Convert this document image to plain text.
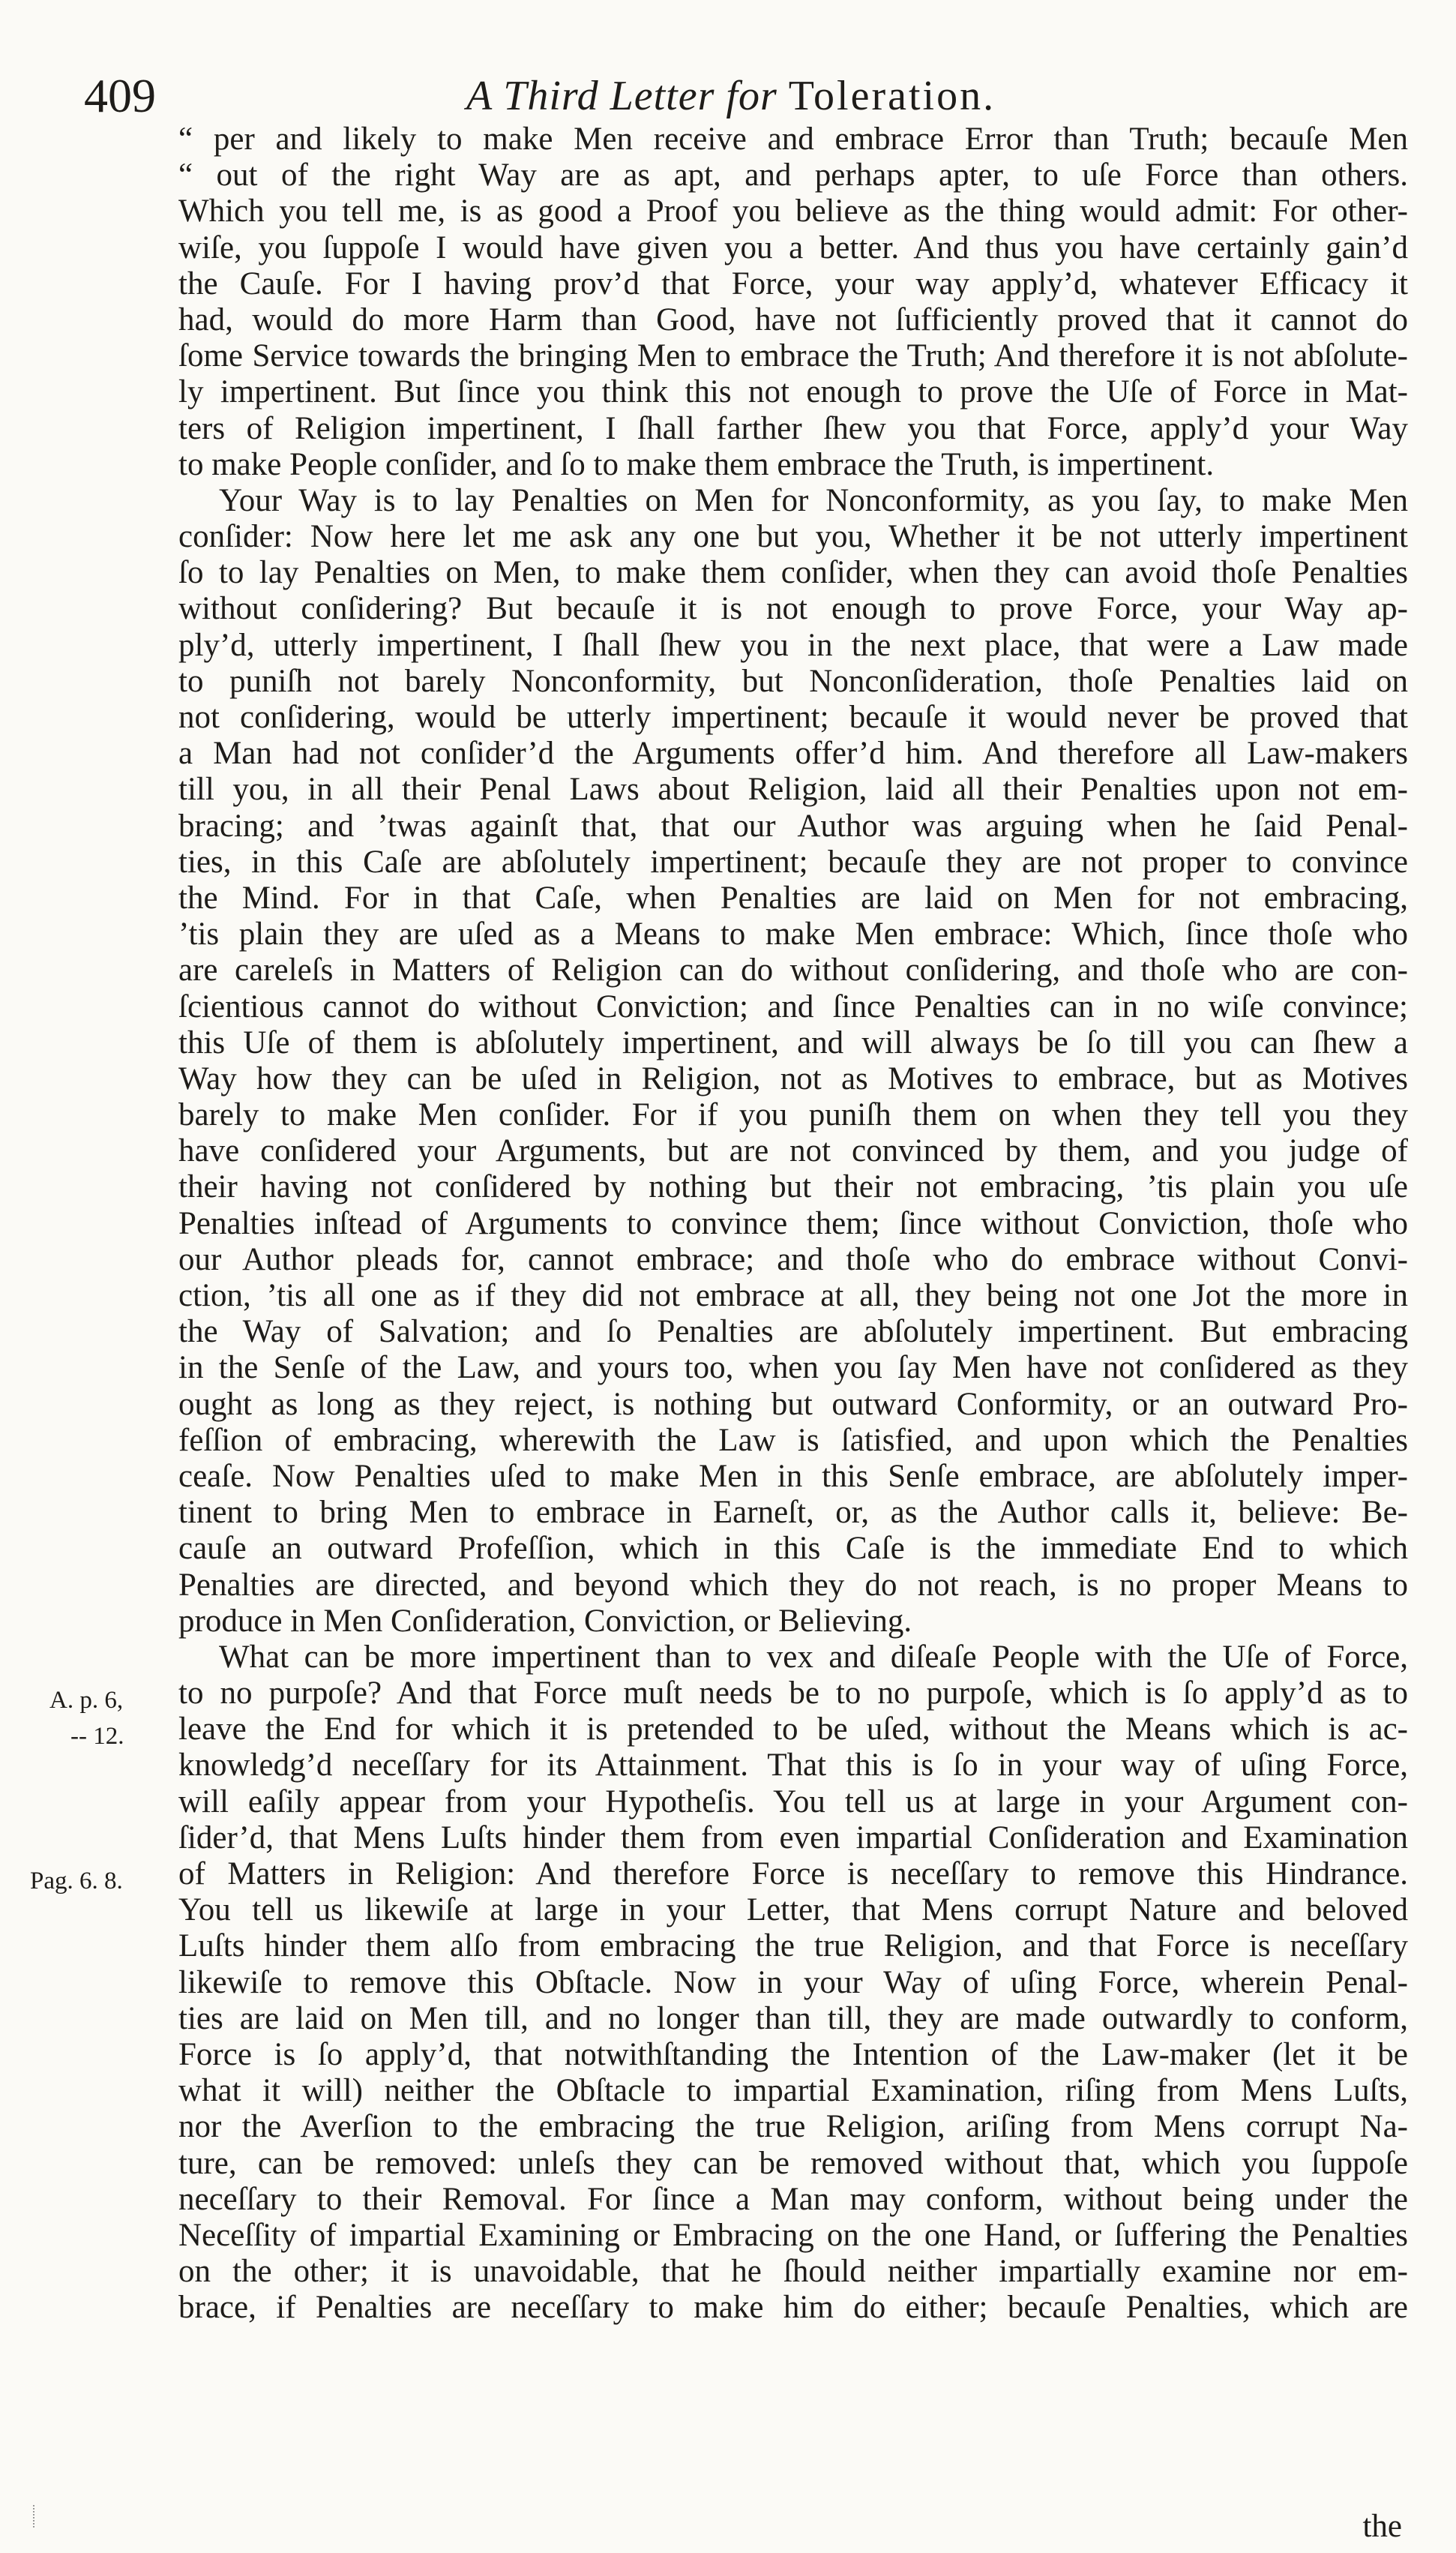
409	A Third Letter for Toleration.
A. p. 6,
-- 12.
Pag. 6. 8.
“ per and likely to make Men receive and embrace Error than Truth; becauſe Men
“ out of the right Way are as apt, and perhaps apter, to uſe Force than others.
Which you tell me, is as good a Proof you believe as the thing would admit: For other-
wiſe, you ſuppoſe I would have given you a better. And thus you have certainly gain’d
the Cauſe. For I having prov’d that Force, your way apply’d, whatever Efficacy it
had, would do more Harm than Good, have not ſufficiently proved that it cannot do
ſome Service towards the bringing Men to embrace the Truth; And therefore it is not abſolute-
ly impertinent. But ſince you think this not enough to prove the Uſe of Force in Mat-
ters of Religion impertinent, I ſhall farther ſhew you that Force, apply’d your Way
to make People conſider, and ſo to make them embrace the Truth, is impertinent.
Your Way is to lay Penalties on Men for Nonconformity, as you ſay, to make Men
conſider: Now here let me ask any one but you, Whether it be not utterly impertinent
ſo to lay Penalties on Men, to make them conſider, when they can avoid thoſe Penalties
without conſidering? But becauſe it is not enough to prove Force, your Way ap-
ply’d, utterly impertinent, I ſhall ſhew you in the next place, that were a Law made
to puniſh not barely Nonconformity, but Nonconſideration, thoſe Penalties laid on
not conſidering, would be utterly impertinent; becauſe it would never be proved that
a Man had not conſider’d the Arguments offer’d him. And therefore all Law-makers
till you, in all their Penal Laws about Religion, laid all their Penalties upon not em-
bracing; and ’twas againſt that, that our Author was arguing when he ſaid Penal-
ties, in this Caſe are abſolutely impertinent; becauſe they are not proper to convince
the Mind. For in that Caſe, when Penalties are laid on Men for not embracing,
’tis plain they are uſed as a Means to make Men embrace: Which, ſince thoſe who
are careleſs in Matters of Religion can do without conſidering, and thoſe who are con-
ſcientious cannot do without Conviction; and ſince Penalties can in no wiſe convince;
this Uſe of them is abſolutely impertinent, and will always be ſo till you can ſhew a
Way how they can be uſed in Religion, not as Motives to embrace, but as Motives
barely to make Men conſider. For if you puniſh them on when they tell you they
have conſidered your Arguments, but are not convinced by them, and you judge of
their having not conſidered by nothing but their not embracing, ’tis plain you uſe
Penalties inſtead of Arguments to convince them; ſince without Conviction, thoſe who
our Author pleads for, cannot embrace; and thoſe who do embrace without Convi-
ction, ’tis all one as if they did not embrace at all, they being not one Jot the more in
the Way of Salvation; and ſo Penalties are abſolutely impertinent. But embracing
in the Senſe of the Law, and yours too, when you ſay Men have not conſidered as they
ought as long as they reject, is nothing but outward Conformity, or an outward Pro-
feſſion of embracing, wherewith the Law is ſatisfied, and upon which the Penalties
ceaſe. Now Penalties uſed to make Men in this Senſe embrace, are abſolutely imper-
tinent to bring Men to embrace in Earneſt, or, as the Author calls it, believe: Be-
cauſe an outward Profeſſion, which in this Caſe is the immediate End to which
Penalties are directed, and beyond which they do not reach, is no proper Means to
produce in Men Conſideration, Conviction, or Believing.
What can be more impertinent than to vex and diſeaſe People with the Uſe of Force,
to no purpoſe? And that Force muſt needs be to no purpoſe, which is ſo apply’d as to
leave the End for which it is pretended to be uſed, without the Means which is ac-
knowledg’d neceſſary for its Attainment. That this is ſo in your way of uſing Force,
will eaſily appear from your Hypotheſis. You tell us at large in your Argument con-
ſider’d, that Mens Luſts hinder them from even impartial Conſideration and Examination
of Matters in Religion: And therefore Force is neceſſary to remove this Hindrance.
You tell us likewiſe at large in your Letter, that Mens corrupt Nature and beloved
Luſts hinder them alſo from embracing the true Religion, and that Force is neceſſary
likewiſe to remove this Obſtacle. Now in your Way of uſing Force, wherein Penal-
ties are laid on Men till, and no longer than till, they are made outwardly to conform,
Force is ſo apply’d, that notwithſtanding the Intention of the Law-maker (let it be
what it will) neither the Obſtacle to impartial Examination, riſing from Mens Luſts,
nor the Averſion to the embracing the true Religion, ariſing from Mens corrupt Na-
ture, can be removed: unleſs they can be removed without that, which you ſuppoſe
neceſſary to their Removal. For ſince a Man may conform, without being under the
Neceſſity of impartial Examining or Embracing on the one Hand, or ſuffering the Penalties
on the other; it is unavoidable, that he ſhould neither impartially examine nor em-
brace, if Penalties are neceſſary to make him do either; becauſe Penalties, which are
the
